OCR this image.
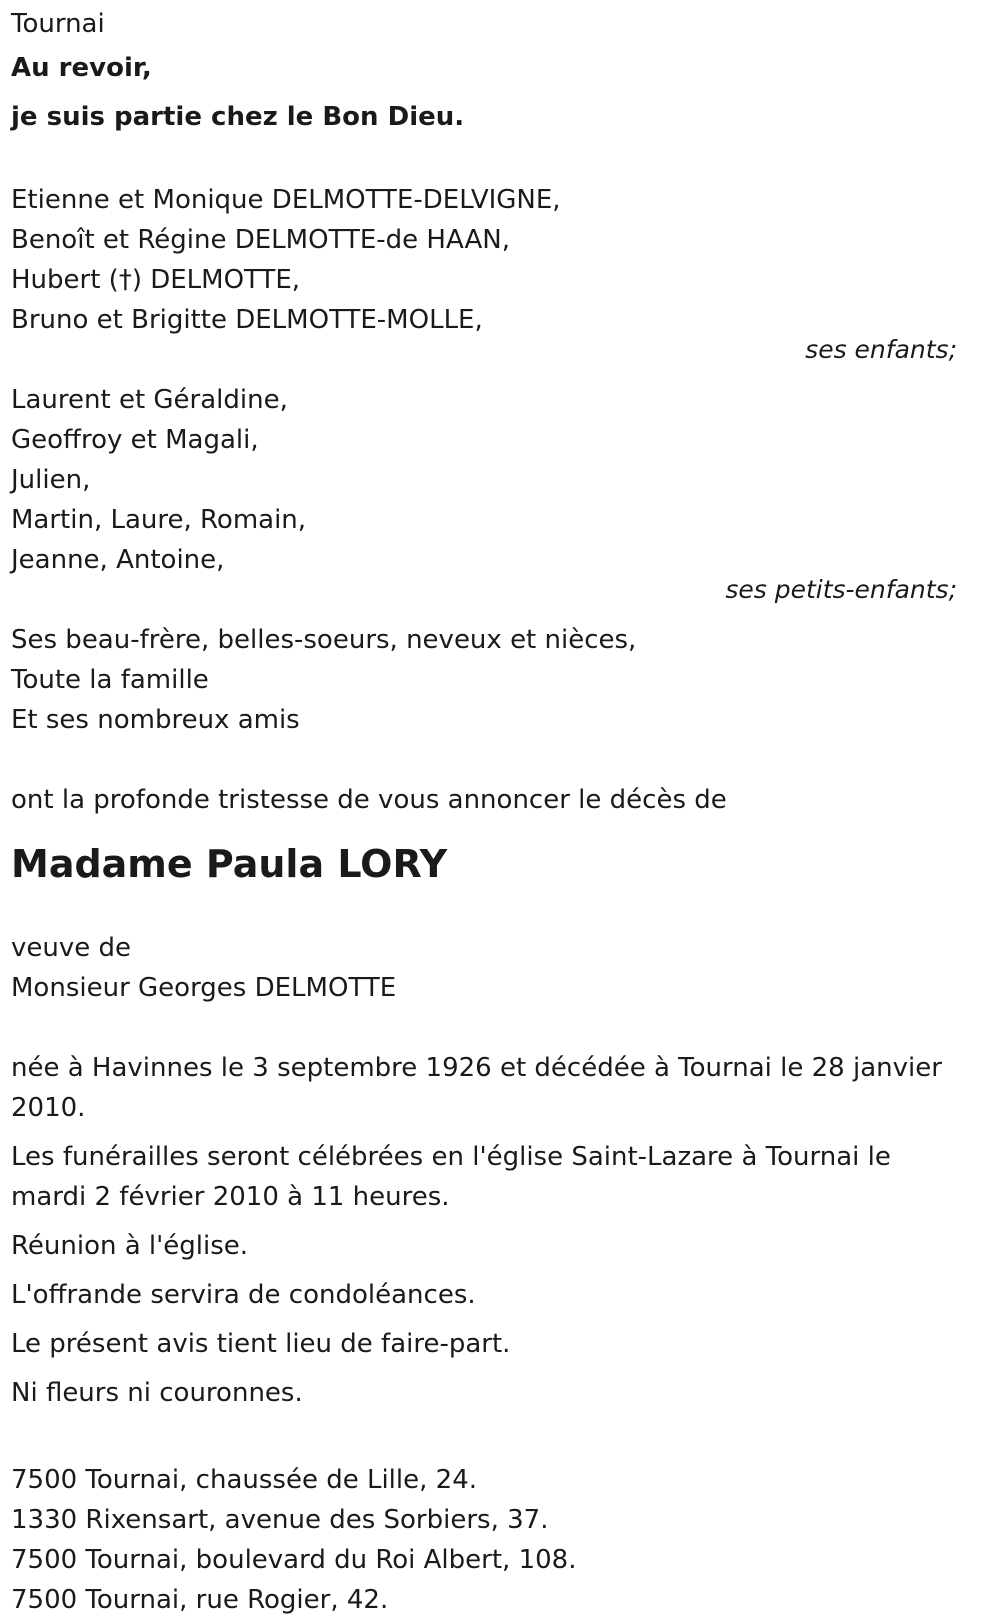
Tournai
Au revoir,
je suis partie chez le Bon Dieu.
Etienne et Monique DELMOTTE-DELVIGNE,
Benoît et Régine DELMOTTE-de HAAN,
Hubert (†) DELMOTTE,
Bruno et Brigitte DELMOTTE-MOLLE,
ses enfants;
Laurent et Géraldine,
Geoffroy et Magali,
Julien,
Martin, Laure, Romain,
Jeanne, Antoine,
ses petits-enfants;
Ses beau-frère, belles-soeurs, neveux et nièces,
Toute la famille
Et ses nombreux amis
ont la profonde tristesse de vous annoncer le décès de
Madame Paula LORY
veuve de
Monsieur Georges DELMOTTE
née à Havinnes le 3 septembre 1926 et décédée à Tournai le 28 janvier 2010.
Les funérailles seront célébrées en l'église Saint-Lazare à Tournai le mardi 2 février 2010 à 11 heures.
Réunion à l'église.
L'offrande servira de condoléances.
Le présent avis tient lieu de faire-part.
Ni fleurs ni couronnes.
7500 Tournai, chaussée de Lille, 24.
1330 Rixensart, avenue des Sorbiers, 37.
7500 Tournai, boulevard du Roi Albert, 108.
7500 Tournai, rue Rogier, 42.
